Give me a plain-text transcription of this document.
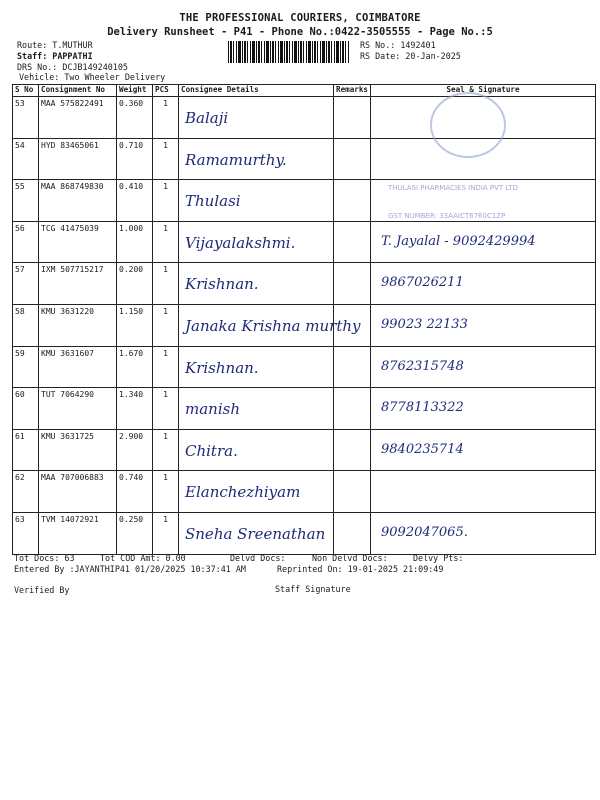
THE PROFESSIONAL COURIERS, COIMBATORE
Delivery Runsheet - P41 - Phone No.:0422-3505555 - Page No.:5
Route: T.MUTHUR
Staff: PAPPATHI
DRS No.: DCJB149240105
Vehicle: Two Wheeler Delivery
RS No.: 1492401
RS Date: 20-Jan-2025
S No	Consignment No	Weight	PCS	Consignee Details	Remarks	Seal & Signature
53	MAA 575822491	0.360	1	Balaji		

54	HYD 83465061	0.710	1	Ramamurthy.		

55	MAA 868749830	0.410	1	Thulasi		

56	TCG 41475039	1.000	1	Vijayalakshmi.		T. Jayalal - 9092429994

57	IXM 507715217	0.200	1	Krishnan.		9867026211

58	KMU 3631220	1.150	1	Janaka Krishna murthy		99023 22133

59	KMU 3631607	1.670	1	Krishnan.		8762315748

60	TUT 7064290	1.340	1	manish		8778113322

61	KMU 3631725	2.900	1	Chitra.		9840235714

62	MAA 707006883	0.740	1	Elanchezhiyam		

63	TVM 14072921	0.250	1	Sneha Sreenathan		9092047065.
THULASI PHARMACIES INDIA PVT LTD
GST NUMBER: 33AAICT6760C1ZP
Tot Docs: 63	Tot COD Amt: 0.00	Delvd Docs:	Non Delvd Docs:	Delvy Pts:
Entered By :JAYANTHIP41 01/20/2025 10:37:41 AM	Reprinted On: 19-01-2025 21:09:49
Verified By	Staff Signature
